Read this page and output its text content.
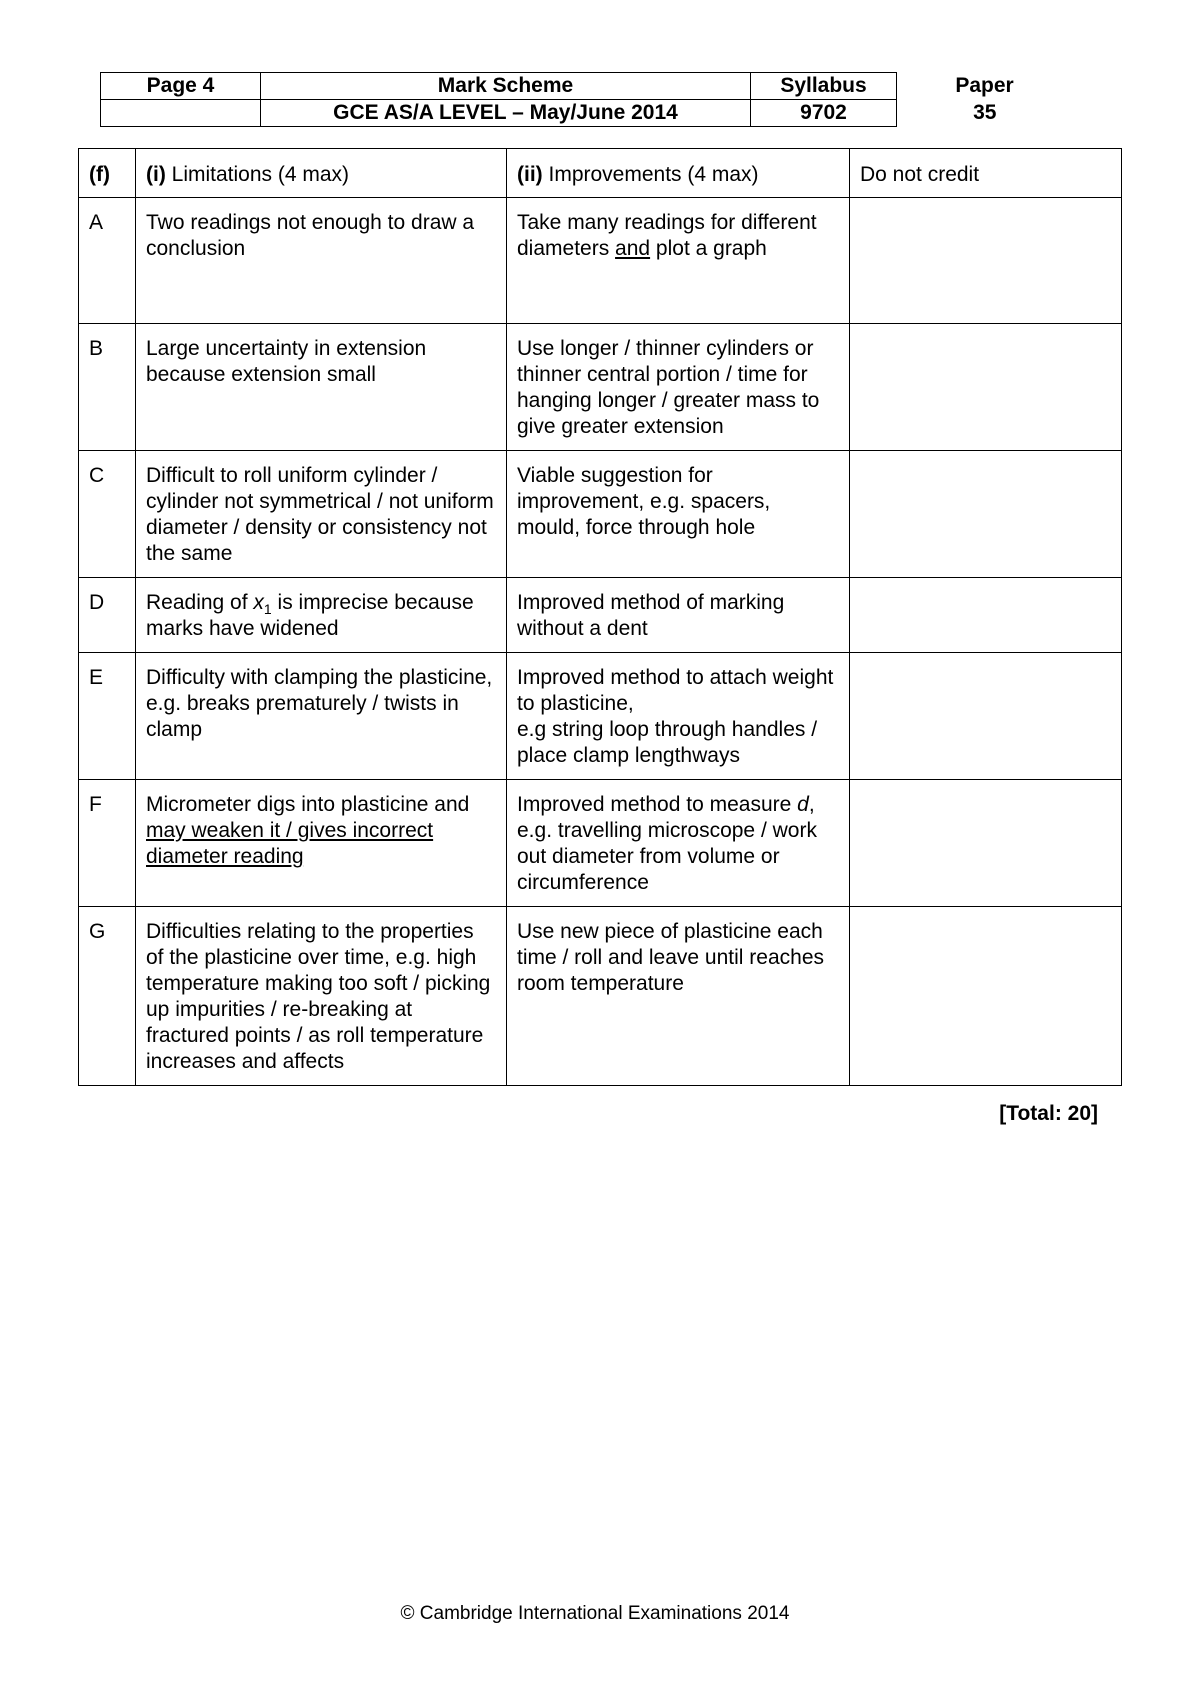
Page 4	Mark Scheme	Syllabus	Paper
	GCE AS/A LEVEL – May/June 2014	9702	35
(f)	(i) Limitations (4 max)	(ii) Improvements (4 max)	Do not credit
A	Two readings not enough to draw a conclusion	Take many readings for different diameters and plot a graph	
B	Large uncertainty in extension because extension small	Use longer / thinner cylinders or thinner central portion / time for hanging longer / greater mass to give greater extension	
C	Difficult to roll uniform cylinder / cylinder not symmetrical / not uniform diameter / density or consistency not the same	Viable suggestion for improvement, e.g. spacers, mould, force through hole	
D	Reading of $x_1$ is imprecise because marks have widened	Improved method of marking without a dent	
E	Difficulty with clamping the plasticine, e.g. breaks prematurely / twists in clamp	Improved method to attach weight to plasticine,
e.g string loop through handles / place clamp lengthways	

F	Micrometer digs into plasticine and may weaken it / gives incorrect diameter reading	Improved method to measure d, e.g. travelling microscope / work out diameter from volume or circumference	
G	Difficulties relating to the properties of the plasticine over time, e.g. high temperature making too soft / picking up impurities / re-breaking at fractured points / as roll temperature increases and affects	Use new piece of plasticine each time / roll and leave until reaches room temperature	
[Total: 20]
© Cambridge International Examinations 2014
